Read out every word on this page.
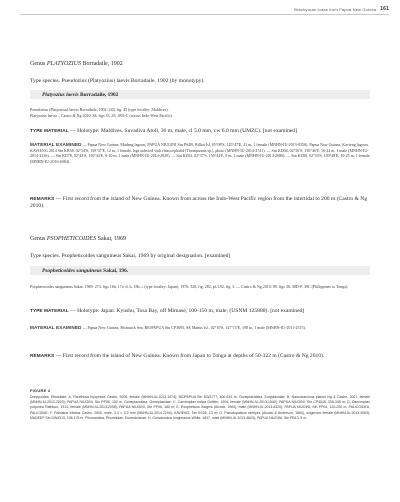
Brachyuran crabs from Papua New Guinea 161
Genus PLATYOZIUS Borradaile, 1902
Type species. Pseudozius (Platyozius) laevis Borradaile, 1902 (by monotypy).
Platyozius laevis Borradaile, 1902
Pseudozius (Platyozius) laevis Borradaile, 1902: 243, fig. 45 (type locality: Maldives).
Platyozius laevis – Castro & Ng 2010: 84, figs 33–35, 38A-C (across Indo-West Pacific).
TYPE MATERIAL — Holotype: Maldives. Suvadiva Atoll, 36 m, male, cl 5.0 mm, cw 6.0 mm (UMZC). [not examined]
MATERIAL EXAMINED — Papua New Guinea, Madang lagoon, PAPUA NIUGINI Stn PS4B, Billiat Isl, 05°08'S, 145°47'E, 21 m, 1 female (MNHN-IU-2013-8356). Papua New Guinea, Kavieng lagoon, KAVIENG 2014 Stn KB58, 02°34'S, 150°37'E, 12 m, 1 female, legs infected with rhizocephalid (Thompsonia sp.), photo (MNHN-IU-2014-2741). — Stn KD04, 02°56'S, 150°46'E, 16-22 m, 1 male (MNHN-IU-2014-2136). — Stn KD78, 02°43'S, 150°44'E, 6-10 m, 1 male (MNHN-IU-2014-2829). — Stn KZ02, 02°37'S, 150°44'E, 9 m, 1 male (MNHN-IU-2014-2686). — Stn KZ08, 02°33'S, 150°48'E, 10-25 m, 1 female (MNHN-IU-2016-6084).
REMARKS — First record from the island of New Guinea. Known from across the Indo-West Pacific region from the intertidal to 200 m (Castro & Ng 2010).
Genus PSOPHETICOIDES Sakai, 1969
Type species. Psopheticoides sanguineus Sakai, 1969 by original designation. [examined]
Psopheticoides sanguineus Sakai, 196.
Psopheticoides sanguineus Sakai, 1969: 274, figs 16b, 17a, d, h, 18b, c (type locality: Japan); 1976: 528, fig. 282, pl. 192, fig. 3. — Castro & Ng 2010: 89, figs 36, 38D-F, 39C (Philippines to Tonga).
TYPE MATERIAL — Holotype: Japan. Kyushu, Tosa Bay, off Mimase, 100-150 m, male, (USNM 125888). [not examined]
MATERIAL EXAMINED — Papua New Guinea, Bismarck Sea, BIOPAPUA Stn CP3695, SE Manus Isl., 02°10'S, 147°15'E, 198 m, 1 male (MNHN-IU-2011-2515).
REMARKS — First record from the island of New Guinea. Known from Japan to Tonga at depths of 50-322 m (Castro & Ng 2010).
FIGURE 2
Dorippoidea, Ethusidae: A, Parethusa hylophora Castro, 2005, female (MNHN-IU-2013-1474); BIOPAPUA Stn DW3777, 400-619 m. Goneplacoidea, Euryplacidae: B, Nancocarcinus planus Ng & Castro, 2007, female (MNHN-IU-2013-2003); PAPUA NIUGINI, Stn PP08, 100 m. Goneplacoidea, Goneplacidae: C, Carcinoplax indica Doflein, 1904, female (MNHN-IU-2013-1540); PAPUA NIUGINI, Stn CP4048, 335-345 m; D, Carcinoplax purpurea Rathbun, 1914, female (MNHN-IU-2013-2098); PAPUA NIUGINI, Stn PP06, 180 m; E, Exopheticus insignis (Alcock, 1900), male (MNHN-IU-2013-6320); PAPUA NIUGINI, Stn PP04, 120-200 m. PALICOIDEA, PALICIDAE: F, Palicatus foliatus Castro, 2000, male, 3.3 × 3.3 mm (MNHN-IU-2014-2294); KAVIENG, Stn KS25, 13 m; G, Pseudopalicus serripes (Alcock & Anderson, 1894), ovigerous female (MNHN-IU-2013-4063); MADEEP Stn DW4313, 105-175 m. Pilumnoidea, Pilumnidae: Eumedoninae: H, Gonatonotus longimanus White, 1847, male (MNHN-IU-2013-4603); PAPUA NIUGINI, Stn PB13, 5 m.
